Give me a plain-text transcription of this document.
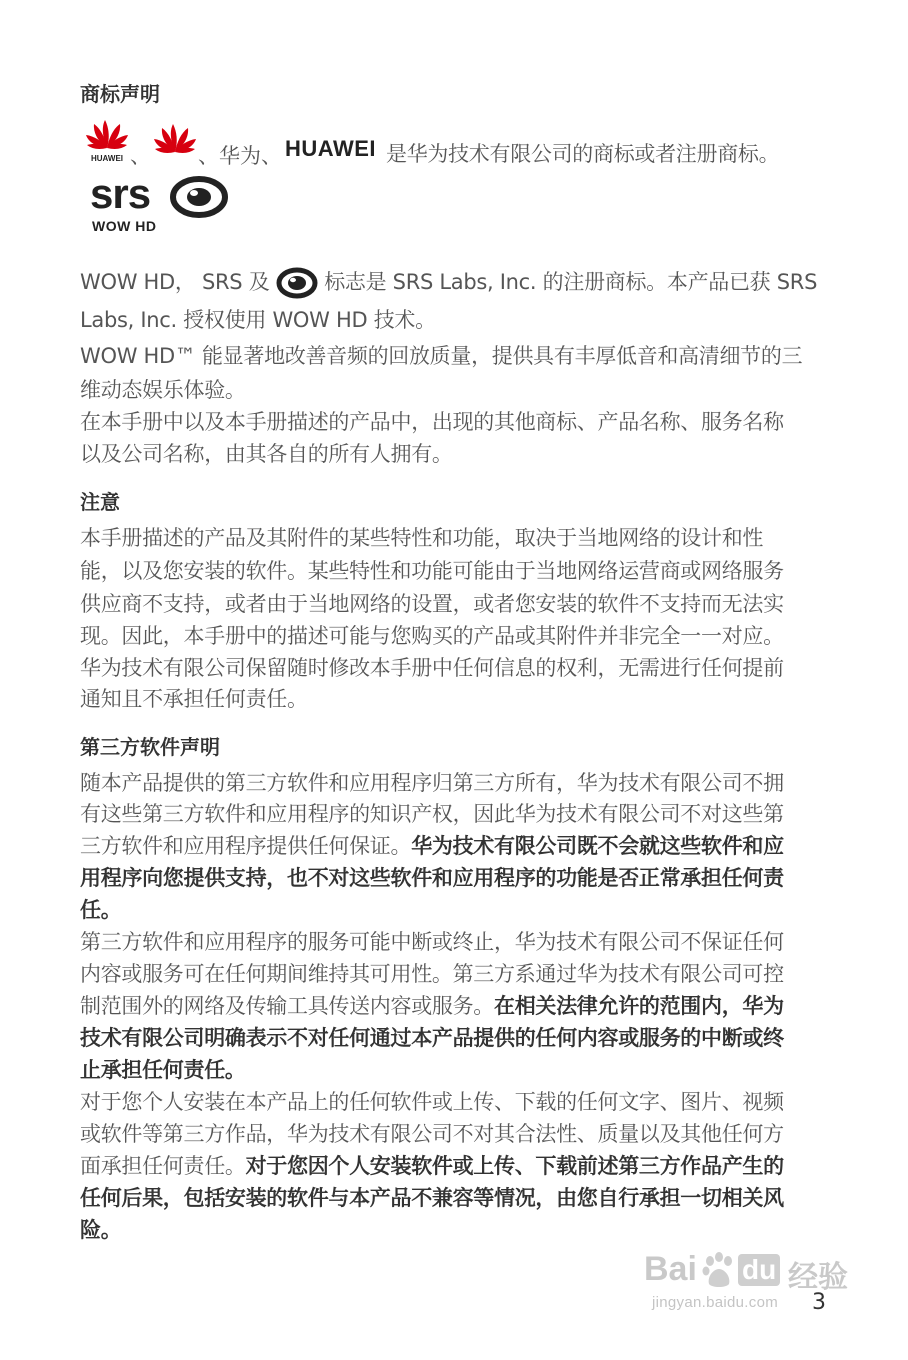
商标声明
HUAWEI 、 、华为、 HUAWEI 是华为技术有限公司的商标或者注册商标。
srs
WOW HD
WOW HD， SRS 及	标志是 SRS Labs, Inc. 的注册商标。本产品已获 SRS
Labs, Inc. 授权使用 WOW HD 技术。
WOW HD™ 能显著地改善音频的回放质量，提供具有丰厚低音和高清细节的三
维动态娱乐体验。
在本手册中以及本手册描述的产品中，出现的其他商标、产品名称、服务名称
以及公司名称，由其各自的所有人拥有。
注意
本手册描述的产品及其附件的某些特性和功能，取决于当地网络的设计和性
能，以及您安装的软件。某些特性和功能可能由于当地网络运营商或网络服务
供应商不支持，或者由于当地网络的设置，或者您安装的软件不支持而无法实
现。因此，本手册中的描述可能与您购买的产品或其附件并非完全一一对应。
华为技术有限公司保留随时修改本手册中任何信息的权利，无需进行任何提前
通知且不承担任何责任。
第三方软件声明
随本产品提供的第三方软件和应用程序归第三方所有，华为技术有限公司不拥
有这些第三方软件和应用程序的知识产权，因此华为技术有限公司不对这些第
三方软件和应用程序提供任何保证。华为技术有限公司既不会就这些软件和应
用程序向您提供支持，也不对这些软件和应用程序的功能是否正常承担任何责
任。
第三方软件和应用程序的服务可能中断或终止，华为技术有限公司不保证任何
内容或服务可在任何期间维持其可用性。第三方系通过华为技术有限公司可控
制范围外的网络及传输工具传送内容或服务。在相关法律允许的范围内，华为
技术有限公司明确表示不对任何通过本产品提供的任何内容或服务的中断或终
止承担任何责任。
对于您个人安装在本产品上的任何软件或上传、下载的任何文字、图片、视频
或软件等第三方作品，华为技术有限公司不对其合法性、质量以及其他任何方
面承担任何责任。对于您因个人安装软件或上传、下载前述第三方作品产生的
任何后果，包括安装的软件与本产品不兼容等情况，由您自行承担一切相关风
险。
Bai du 经验
jingyan.baidu.com 3
